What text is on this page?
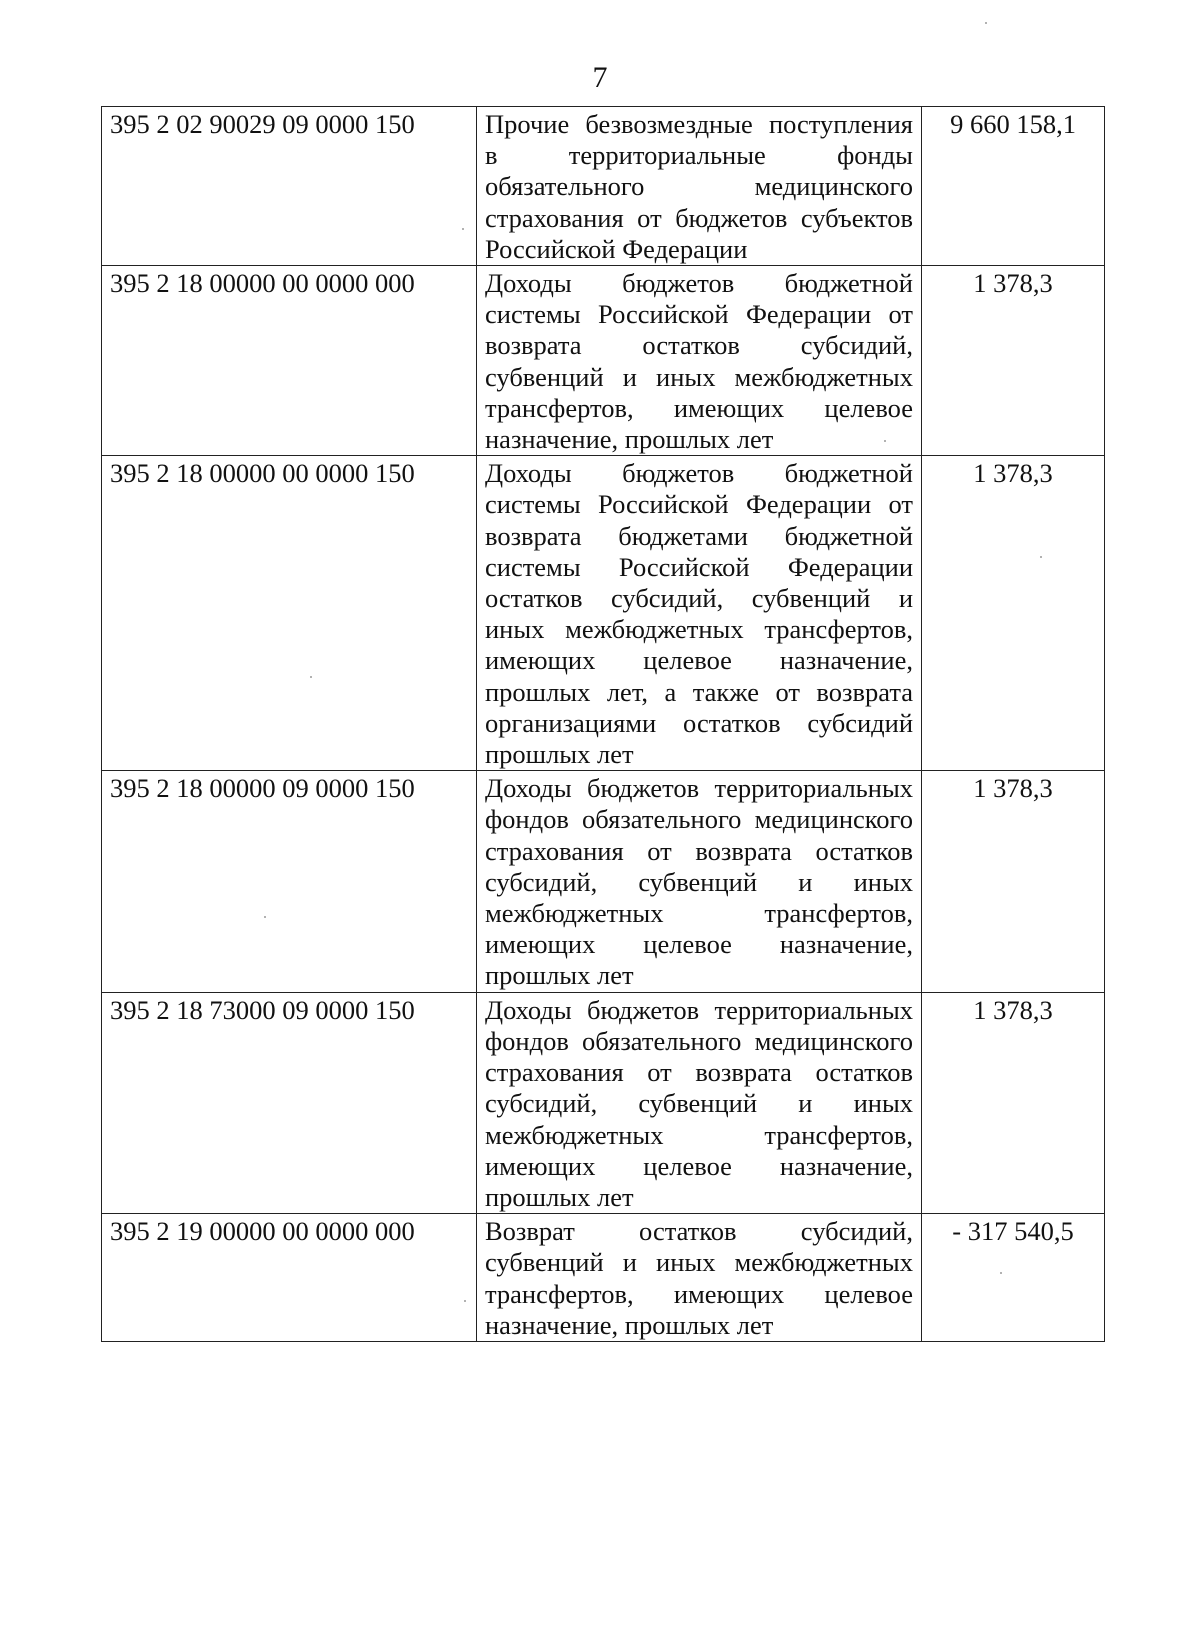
7
395 2 02 90029 09 0000 150	Прочие безвозмездные поступления в территориальные фонды обязательного медицинского страхования от бюджетов субъектов Российской Федерации	9 660 158,1
395 2 18 00000 00 0000 000	Доходы бюджетов бюджетной системы Российской Федерации от возврата остатков субсидий, субвенций и иных межбюджетных трансфертов, имеющих целевое назначение, прошлых лет	1 378,3
395 2 18 00000 00 0000 150	Доходы бюджетов бюджетной системы Российской Федерации от возврата бюджетами бюджетной системы Российской Федерации остатков субсидий, субвенций и иных межбюджетных трансфертов, имеющих целевое назначение, прошлых лет, а также от возврата организациями остатков субсидий прошлых лет	1 378,3
395 2 18 00000 09 0000 150	Доходы бюджетов территориальных фондов обязательного медицинского страхования от возврата остатков субсидий, субвенций и иных межбюджетных трансфертов, имеющих целевое назначение, прошлых лет	1 378,3
395 2 18 73000 09 0000 150	Доходы бюджетов территориальных фондов обязательного медицинского страхования от возврата остатков субсидий, субвенций и иных межбюджетных трансфертов, имеющих целевое назначение, прошлых лет	1 378,3
395 2 19 00000 00 0000 000	Возврат остатков субсидий, субвенций и иных межбюджетных трансфертов, имеющих целевое назначение, прошлых лет	- 317 540,5
